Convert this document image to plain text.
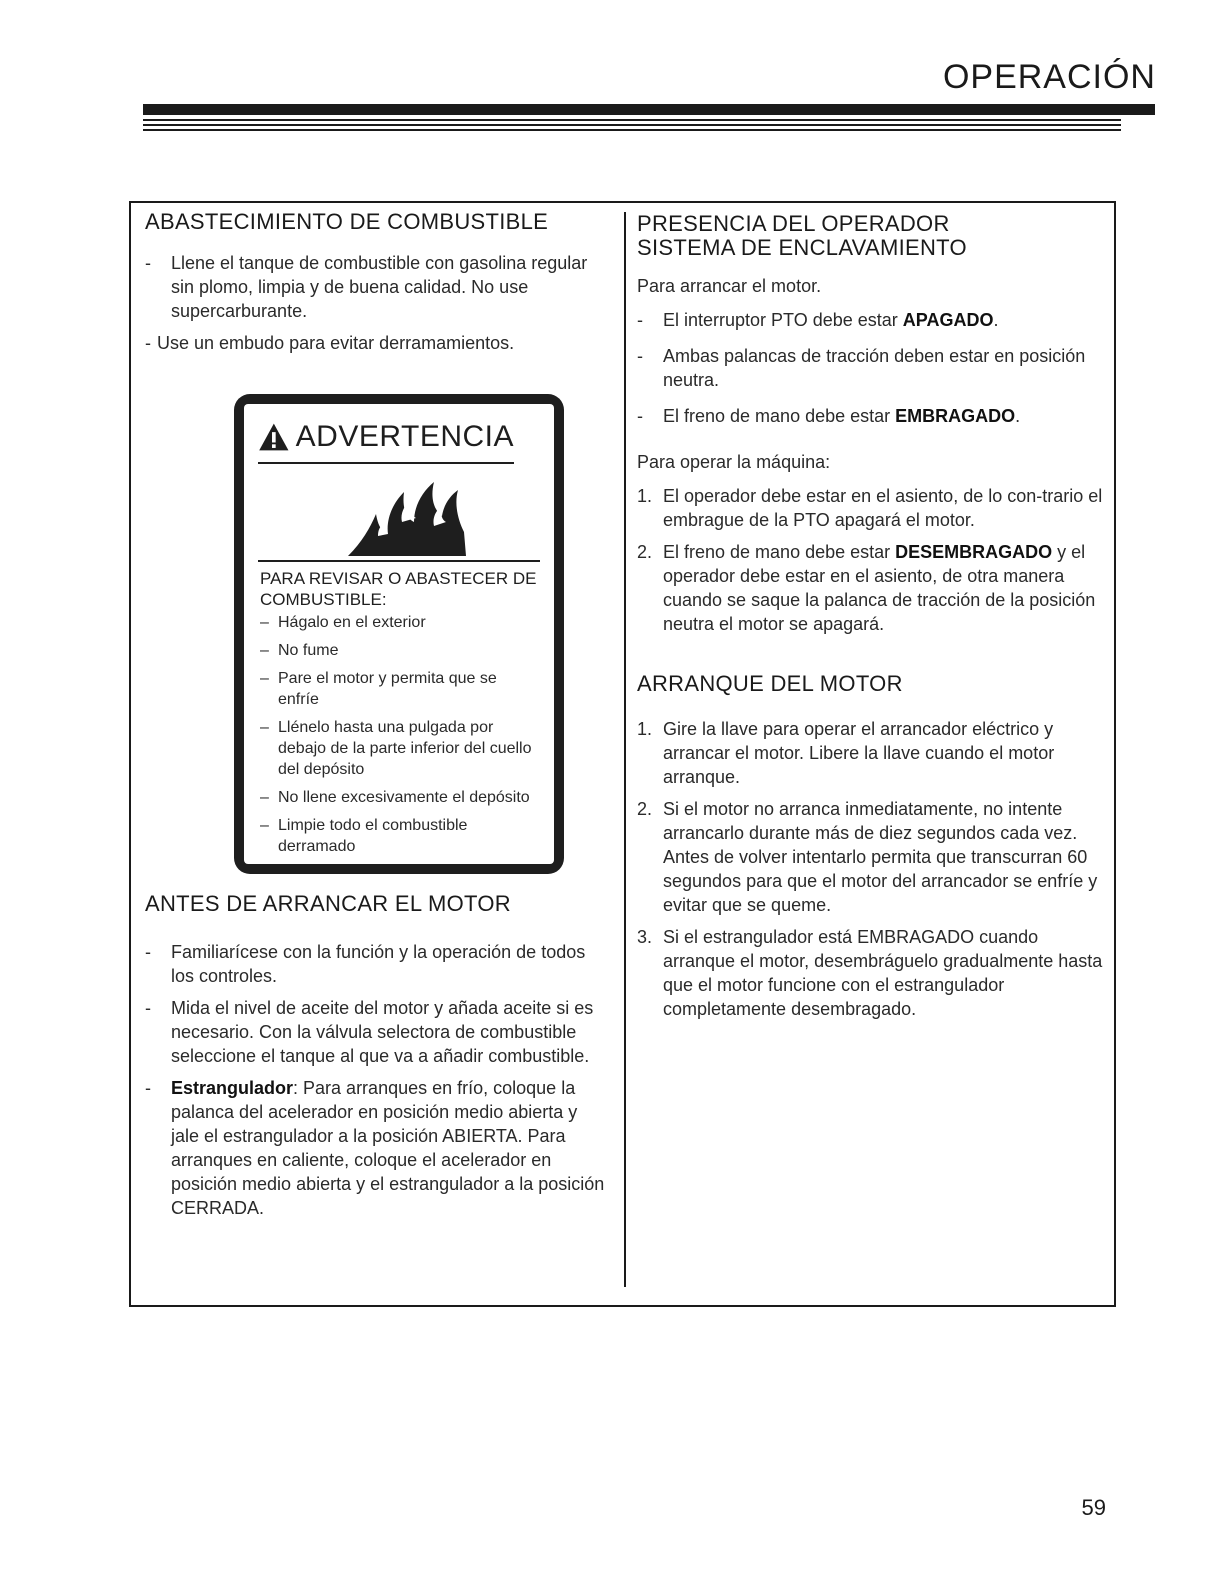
OPERACIÓN
ABASTECIMIENTO DE COMBUSTIBLE
- Llene el tanque de combustible con gasolina regular sin plomo, limpia y de buena calidad. No use supercarburante.
- Use un embudo para evitar derramamientos.
ADVERTENCIA

PARA REVISAR O ABASTECER DE COMBUSTIBLE:

– Hágalo en el exterior
– No fume
– Pare el motor y permita que se enfríe
– Llénelo hasta una pulgada por debajo de la parte inferior del cuello del depósito
– No llene excesivamente el depósito
– Limpie todo el combustible derramado
ANTES DE ARRANCAR EL MOTOR
- Familiarícese con la función y la operación de todos los controles.
- Mida el nivel de aceite del motor y añada aceite si es necesario. Con la válvula selectora de combustible seleccione el tanque al que va a añadir combustible.
- Estrangulador: Para arranques en frío, coloque la palanca del acelerador en posición medio abierta y jale el estrangulador a la posición ABIERTA. Para arranques en caliente, coloque el acelerador en posición medio abierta y el estrangulador a la posición CERRADA.
PRESENCIA DEL OPERADOR
SISTEMA DE ENCLAVAMIENTO

Para arrancar el motor.

- El interruptor PTO debe estar APAGADO.
- Ambas palancas de tracción deben estar en posición neutra.
- El freno de mano debe estar EMBRAGADO.

Para operar la máquina:

1. El operador debe estar en el asiento, de lo con-trario el embrague de la PTO apagará el motor.
2. El freno de mano debe estar DESEMBRAGADO y el operador debe estar en el asiento, de otra manera cuando se saque la palanca de tracción de la posición neutra el motor se apagará.
ARRANQUE DEL MOTOR
1. Gire la llave para operar el arrancador eléctrico y arrancar el motor. Libere la llave cuando el motor arranque.
2. Si el motor no arranca inmediatamente, no intente arrancarlo durante más de diez segundos cada vez. Antes de volver intentarlo permita que transcurran 60 segundos para que el motor del arrancador se enfríe y evitar que se queme.
3. Si el estrangulador está EMBRAGADO cuando arranque el motor, desembráguelo gradualmente hasta que el motor funcione con el estrangulador completamente desembragado.
59
